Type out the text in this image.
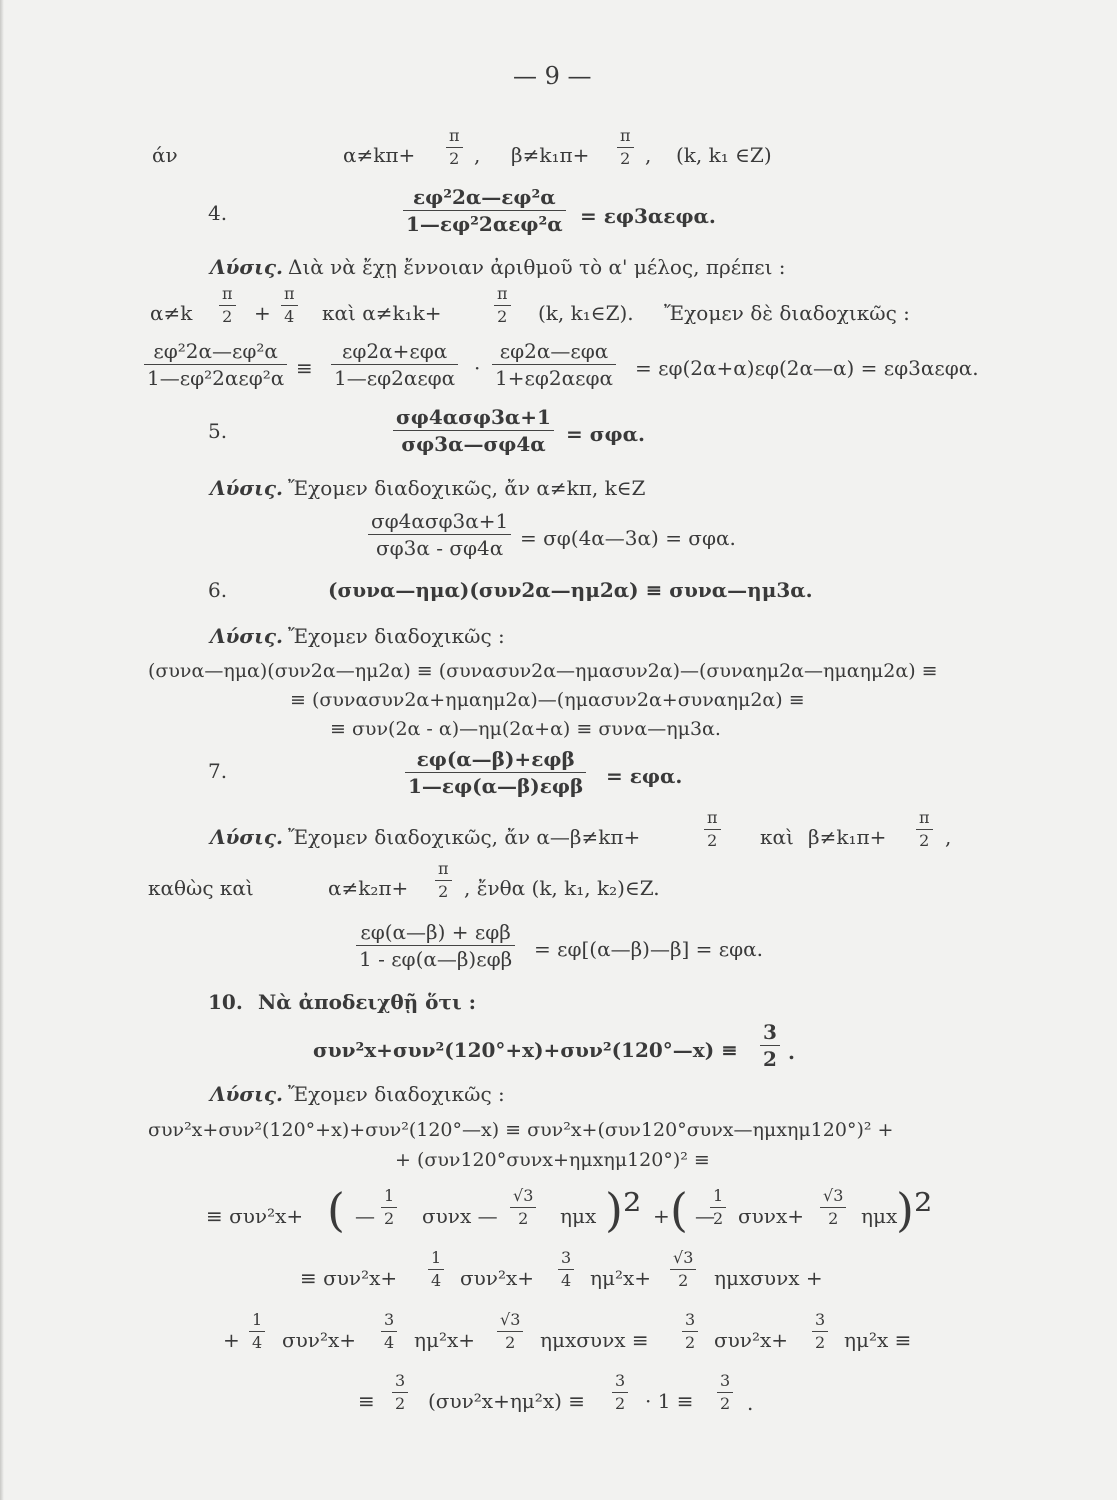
— 9 —
άν	α≠kπ+
π
2 , β≠k₁π+
π
2 , (k, k₁ ∈Z)
4.
εφ²2α—εφ²α
1—εφ²2αεφ²α = εφ3αεφα.
Λύσις. Διὰ νὰ ἔχῃ ἔννοιαν ἀριθμοῦ τὸ α' μέλος, πρέπει :
α≠k
π
2 +
π
4 καὶ α≠k₁k+
π
2 (k, k₁∈Z). Ἔχομεν δὲ διαδοχικῶς :
εφ²2α—εφ²α
1—εφ²2αεφ²α ≡
εφ2α+εφα
1—εφ2αεφα ·
εφ2α—εφα
1+εφ2αεφα = εφ(2α+α)εφ(2α—α) = εφ3αεφα.
5.
σφ4ασφ3α+1
σφ3α—σφ4α = σφα.
Λύσις. Ἔχομεν διαδοχικῶς, ἄν α≠kπ, k∈Z
σφ4ασφ3α+1
σφ3α - σφ4α = σφ(4α—3α) = σφα.
6.	(συνα—ημα)(συν2α—ημ2α) ≡ συνα—ημ3α.
Λύσις. Ἔχομεν διαδοχικῶς :
(συνα—ημα)(συν2α—ημ2α) ≡ (συνασυν2α—ημασυν2α)—(συναημ2α—ημαημ2α) ≡
≡ (συνασυν2α+ημαημ2α)—(ημασυν2α+συναημ2α) ≡
≡ συν(2α - α)—ημ(2α+α) ≡ συνα—ημ3α.
7.	εφ(α—β)+εφβ
1—εφ(α—β)εφβ = εφα.
Λύσις. Ἔχομεν διαδοχικῶς, ἄν α—β≠kπ+
π
2 καὶ β≠k₁π+
π
2 ,
καθὼς καὶ	α≠k₂π+
π
2 , ἔνθα (k, k₁, k₂)∈Z.
εφ(α—β) + εφβ
1 - εφ(α—β)εφβ = εφ[(α—β)—β] = εφα.
10. Νὰ ἀποδειχθῇ ὅτι :
συν²x+συν²(120°+x)+συν²(120°—x) ≡
3
2 .
Λύσις. Ἔχομεν διαδοχικῶς :
συν²x+συν²(120°+x)+συν²(120°—x) ≡ συν²x+(συν120°συνx—ημxημ120°)² +
+ (συν120°συνx+ημxημ120°)² ≡
≡ συν²x+ ( —
1
2 συνx —
√3
2 ημx )² + ( —
1
2 συνx+
√3
2 ημx
)²
≡ συν²x+
1
4 συν²x+
3
4 ημ²x+
√3
2 ημxσυνx +
+
1
4 συν²x+
3
4 ημ²x+
√3
2 ημxσυνx ≡
3
2 συν²x+
3
2 ημ²x ≡
≡
3
2 (συν²x+ημ²x) ≡
3
2 · 1 ≡
3
2 .
